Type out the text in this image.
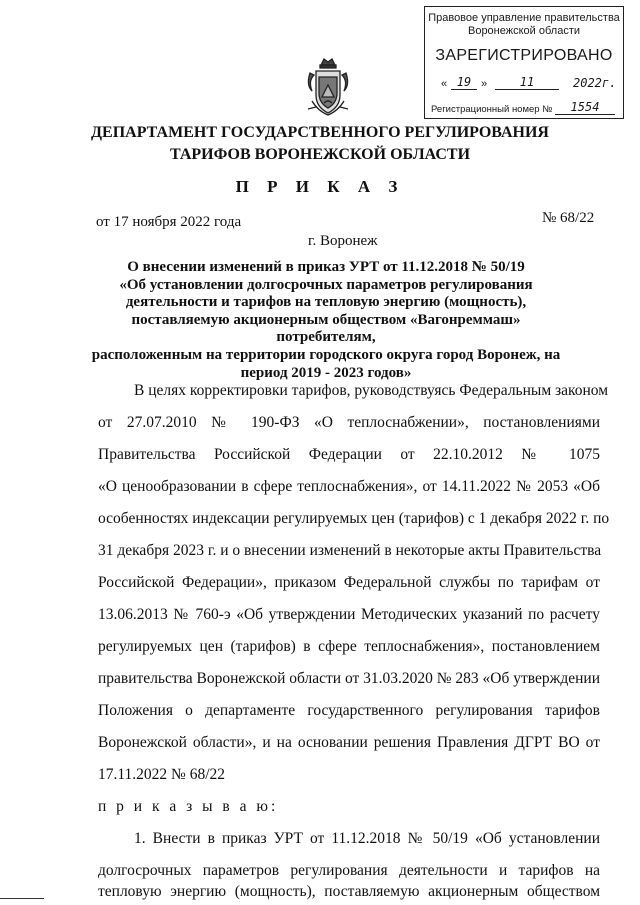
Правовое управление правительства
Воронежской области
ЗАРЕГИСТРИРОВАНО
« 19 »	11	2022г.
Регистрационный номер №	1554
ДЕПАРТАМЕНТ ГОСУДАРСТВЕННОГО РЕГУЛИРОВАНИЯ
ТАРИФОВ ВОРОНЕЖСКОЙ ОБЛАСТИ
П Р И К А З
от 17 ноября 2022 года	№ 68/22
г. Воронеж
О внесении изменений в приказ УРТ от 11.12.2018 № 50/19
«Об установлении долгосрочных параметров регулирования
деятельности и тарифов на тепловую энергию (мощность),
поставляемую акционерным обществом «Вагонреммаш» потребителям,
расположенным на территории городского округа город Воронеж, на
период 2019 - 2023 годов»
В целях корректировки тарифов, руководствуясь Федеральным законом
от 27.07.2010 № 190-ФЗ «О теплоснабжении», постановлениями
Правительства Российской Федерации от 22.10.2012 № 1075
«О ценообразовании в сфере теплоснабжения», от 14.11.2022 № 2053 «Об
особенностях индексации регулируемых цен (тарифов) с 1 декабря 2022 г. по
31 декабря 2023 г. и о внесении изменений в некоторые акты Правительства
Российской Федерации», приказом Федеральной службы по тарифам от
13.06.2013 № 760-э «Об утверждении Методических указаний по расчету
регулируемых цен (тарифов) в сфере теплоснабжения», постановлением
правительства Воронежской области от 31.03.2020 № 283 «Об утверждении
Положения о департаменте государственного регулирования тарифов
Воронежской области», и на основании решения Правления ДГРТ ВО от
17.11.2022 № 68/22
п р и к а з ы в а ю:
1. Внести в приказ УРТ от 11.12.2018 № 50/19 «Об установлении
долгосрочных параметров регулирования деятельности и тарифов на
тепловую энергию (мощность), поставляемую акционерным обществом
